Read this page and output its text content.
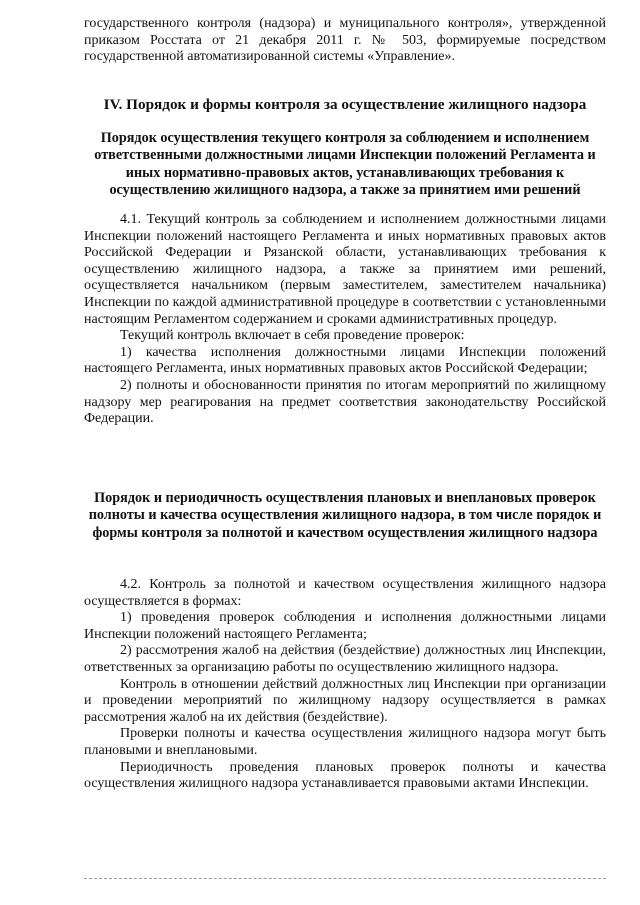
государственного контроля (надзора) и муниципального контроля», утвержденной приказом Росстата от 21 декабря 2011 г. № 503, формируемые посредством государственной автоматизированной системы «Управление».

IV. Порядок и формы контроля за осуществление жилищного надзора
Порядок осуществления текущего контроля за соблюдением и исполнением ответственными должностными лицами Инспекции положений Регламента и иных нормативно-правовых актов, устанавливающих требования к осуществлению жилищного надзора, а также за принятием ими решений

4.1. Текущий контроль за соблюдением и исполнением должностными лицами Инспекции положений настоящего Регламента и иных нормативных правовых актов Российской Федерации и Рязанской области, устанавливающих требования к осуществлению жилищного надзора, а также за принятием ими решений, осуществляется начальником (первым заместителем, заместителем начальника) Инспекции по каждой административной процедуре в соответствии с установленными настоящим Регламентом содержанием и сроками административных процедур.

Текущий контроль включает в себя проведение проверок:

1) качества исполнения должностными лицами Инспекции положений настоящего Регламента, иных нормативных правовых актов Российской Федерации;

2) полноты и обоснованности принятия по итогам мероприятий по жилищному надзору мер реагирования на предмет соответствия законодательству Российской Федерации.

Порядок и периодичность осуществления плановых и внеплановых проверок полноты и качества осуществления жилищного надзора, в том числе порядок и формы контроля за полнотой и качеством осуществления жилищного надзора

4.2. Контроль за полнотой и качеством осуществления жилищного надзора осуществляется в формах:

1) проведения проверок соблюдения и исполнения должностными лицами Инспекции положений настоящего Регламента;

2) рассмотрения жалоб на действия (бездействие) должностных лиц Инспекции, ответственных за организацию работы по осуществлению жилищного надзора.

Контроль в отношении действий должностных лиц Инспекции при организации и проведении мероприятий по жилищному надзору осуществляется в рамках рассмотрения жалоб на их действия (бездействие).

Проверки полноты и качества осуществления жилищного надзора могут быть плановыми и внеплановыми.

Периодичность проведения плановых проверок полноты и качества осуществления жилищного надзора устанавливается правовыми актами Инспекции.
